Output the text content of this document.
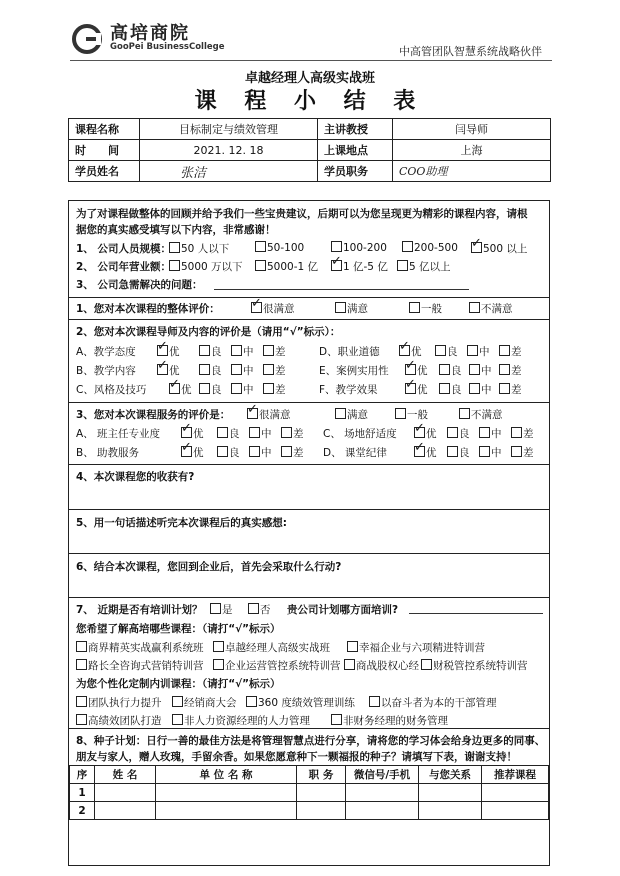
高培商院
GooPei BusinessCollege	中高管团队智慧系统战略伙伴
卓越经理人高级实战班
课 程 小 结 表
课程名称	目标制定与绩效管理	主讲教授	闫导师
时　　间	2021. 12. 18	上课地点	上海
学员姓名	张洁	学员职务	COO助理
为了对课程做整体的回顾并给予我们一些宝贵建议，后期可以为您呈现更为精彩的课程内容，请根
据您的真实感受填写以下内容，非常感谢！
1、 公司人员规模： 50 人以下	50-100	100-200	200-500 ✓	500 以上
2、 公司年营业额： 5000 万以下	5000-1 亿 ✓	1 亿-5 亿	5 亿以上
3、 公司急需解决的问题：
1、您对本次课程的整体评价： ✓	很满意	满意	一般	不满意
2、您对本次课程导师及内容的评价是（请用“√”标示）：
A、教学态度 ✓	优	良	中	差	D、职业道德 ✓	优	良	中	差
B、教学内容 ✓	优	良	中	差	E、案例实用性 ✓	优	良	中	差
C、风格及技巧 ✓	优	良	中	差	F、教学效果 ✓	优	良	中	差
3、您对本次课程服务的评价是： ✓	很满意	满意	一般	不满意
A、 班主任专业度 ✓	优	良	中	差 C、 场地舒适度 ✓	优	良	中	差
B、 助教服务 ✓	优	良	中	差 D、 课堂纪律 ✓	优	良	中	差
4、本次课程您的收获有?
5、用一句话描述听完本次课程后的真实感想:
6、结合本次课程，您回到企业后，首先会采取什么行动?
7、 近期是否有培训计划？	是	否 贵公司计划哪方面培训?
您希望了解高培哪些课程：（请打“√”标示）
商界精英实战赢利系统班	卓越经理人高级实战班	幸福企业与六项精进特训营
路长全咨询式营销特训营	企业运营管控系统特训营	商战股权心经	财税管控系统特训营
为您个性化定制内训课程：（请打“√”标示）
团队执行力提升	经销商大会	360 度绩效管理训练	以奋斗者为本的干部管理
高绩效团队打造	非人力资源经理的人力管理	非财务经理的财务管理
8、种子计划：日行一善的最佳方法是将管理智慧点进行分享，请将您的学习体会给身边更多的同事、
朋友与家人，赠人玫瑰，手留余香。如果您愿意种下一颗福报的种子？请填写下表，谢谢支持！
序	姓 名	单 位 名 称	职 务	微信号/手机	与您关系	推荐课程
1						
2						
